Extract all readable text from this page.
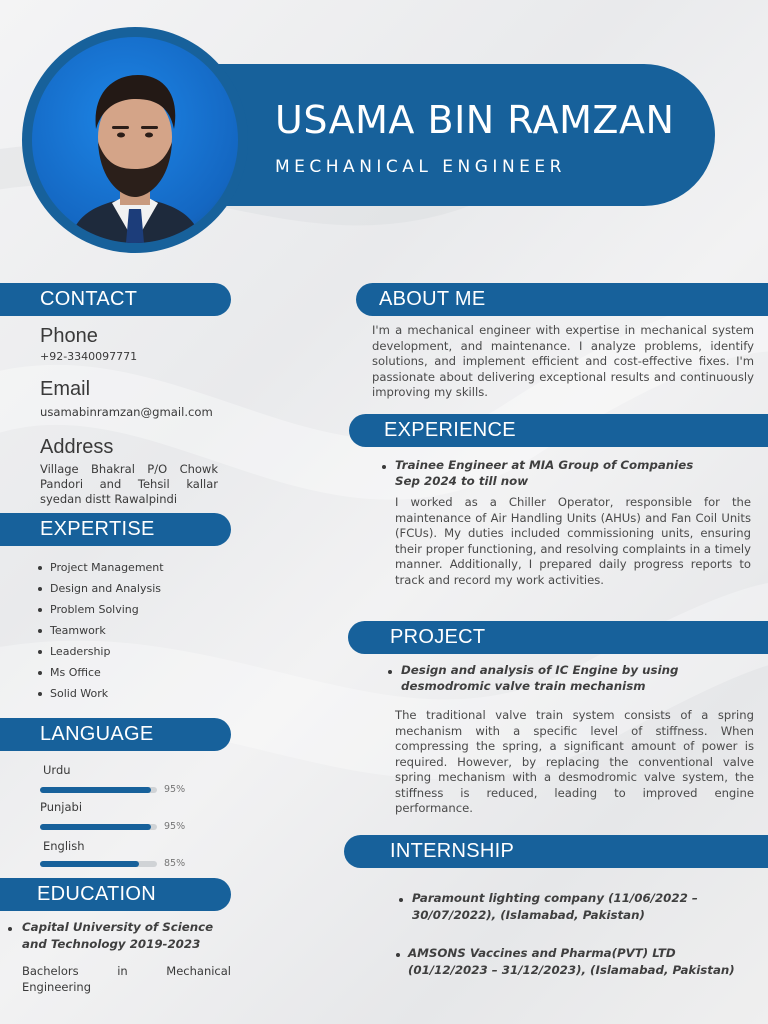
USAMA BIN RAMZAN
MECHANICAL ENGINEER
CONTACT
Phone
+92-3340097771
Email
usamabinramzan@gmail.com
Address
Village Bhakral P/O Chowk
Pandori and Tehsil kallar
syedan distt Rawalpindi
EXPERTISE
Project Management
Design and Analysis
Problem Solving
Teamwork
Leadership
Ms Office
Solid Work
LANGUAGE
Urdu
95%
Punjabi
95%
English
85%
EDUCATION
Capital University of Science
and Technology 2019-2023
Bachelors in Mechanical
Engineering
ABOUT ME
I'm a mechanical engineer with expertise in mechanical system development, and maintenance. I analyze problems, identify solutions, and implement efficient and cost-effective fixes. I'm passionate about delivering exceptional results and continuously improving my skills.
EXPERIENCE
Trainee Engineer at MIA Group of Companies
Sep 2024 to till now
I worked as a Chiller Operator, responsible for the maintenance of Air Handling Units (AHUs) and Fan Coil Units (FCUs). My duties included commissioning units, ensuring their proper functioning, and resolving complaints in a timely manner. Additionally, I prepared daily progress reports to track and record my work activities.
PROJECT
Design and analysis of IC Engine by using
desmodromic valve train mechanism
The traditional valve train system consists of a spring mechanism with a specific level of stiffness. When compressing the spring, a significant amount of power is required. However, by replacing the conventional valve spring mechanism with a desmodromic valve system, the stiffness is reduced, leading to improved engine performance.
INTERNSHIP
Paramount lighting company (11/06/2022 –
30/07/2022), (Islamabad, Pakistan)
AMSONS Vaccines and Pharma(PVT) LTD
(01/12/2023 – 31/12/2023), (Islamabad, Pakistan)
